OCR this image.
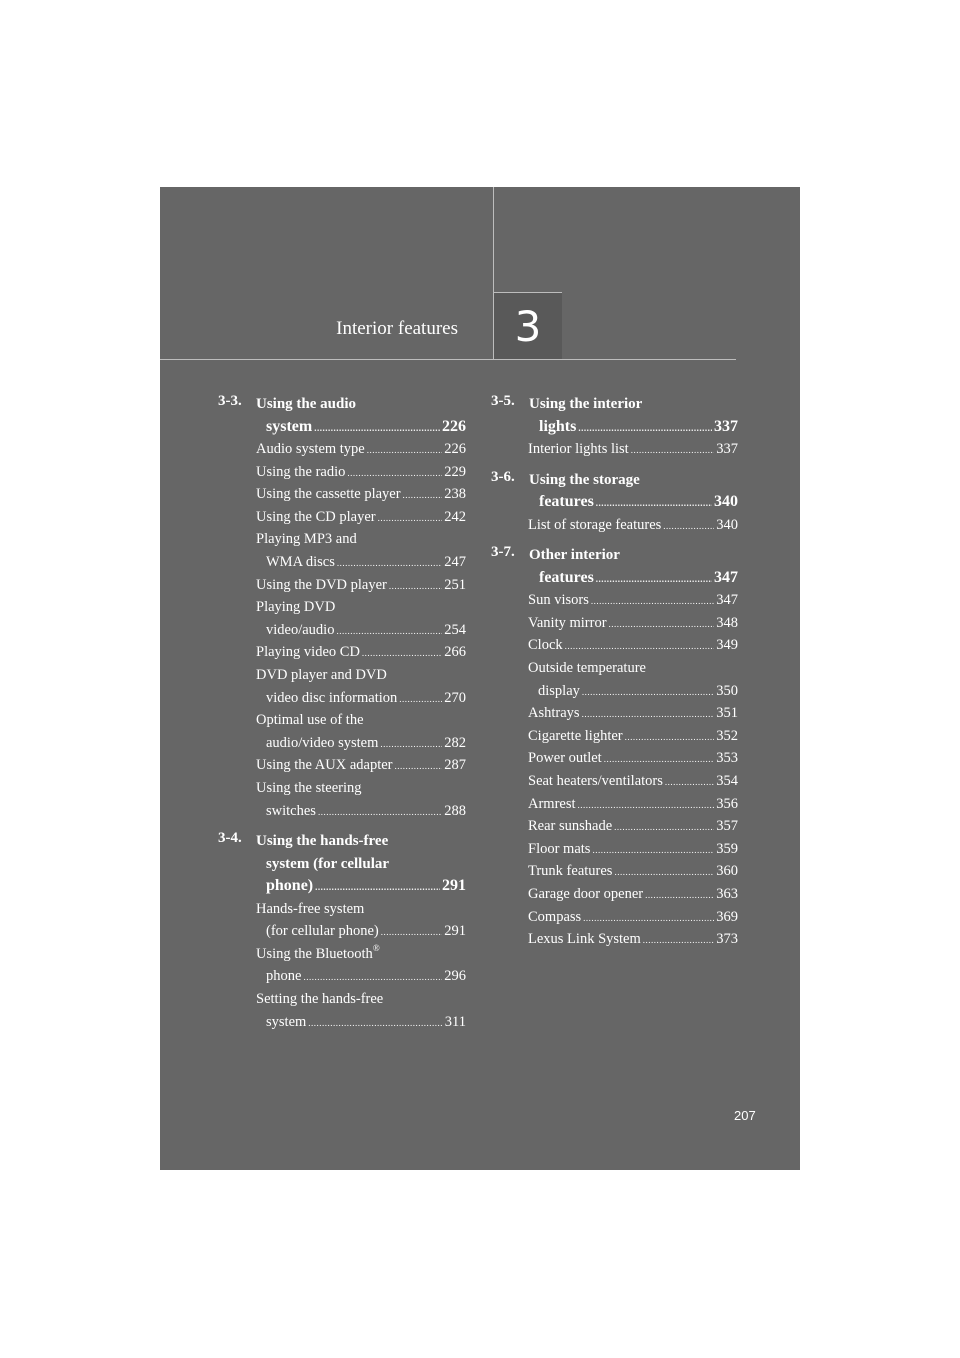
Interior features	3
3-3. Using the audio
system .....	226
Audio system type .....	226
Using the radio .....	229
Using the cassette player .....	238
Using the CD player .....	242
Playing MP3 and
WMA discs .....	247
Using the DVD player .....	251
Playing DVD
video/audio .....	254
Playing video CD .....	266
DVD player and DVD
video disc information .....	270
Optimal use of the
audio/video system .....	282
Using the AUX adapter .....	287
Using the steering
switches .....	288
3-4. Using the hands-free
system (for cellular
phone) .....	291
Hands-free system
(for cellular phone) .....	291
Using the Bluetooth®
phone .....	296
Setting the hands-free
system .....	311
3-5. Using the interior
lights .....	337
Interior lights list .....	337
3-6. Using the storage
features .....	340
List of storage features .....	340
3-7. Other interior
features .....	347
Sun visors .....	347
Vanity mirror .....	348
Clock .....	349
Outside temperature
display .....	350
Ashtrays .....	351
Cigarette lighter .....	352
Power outlet .....	353
Seat heaters/ventilators .....	354
Armrest .....	356
Rear sunshade .....	357
Floor mats .....	359
Trunk features .....	360
Garage door opener .....	363
Compass .....	369
Lexus Link System .....	373
207
